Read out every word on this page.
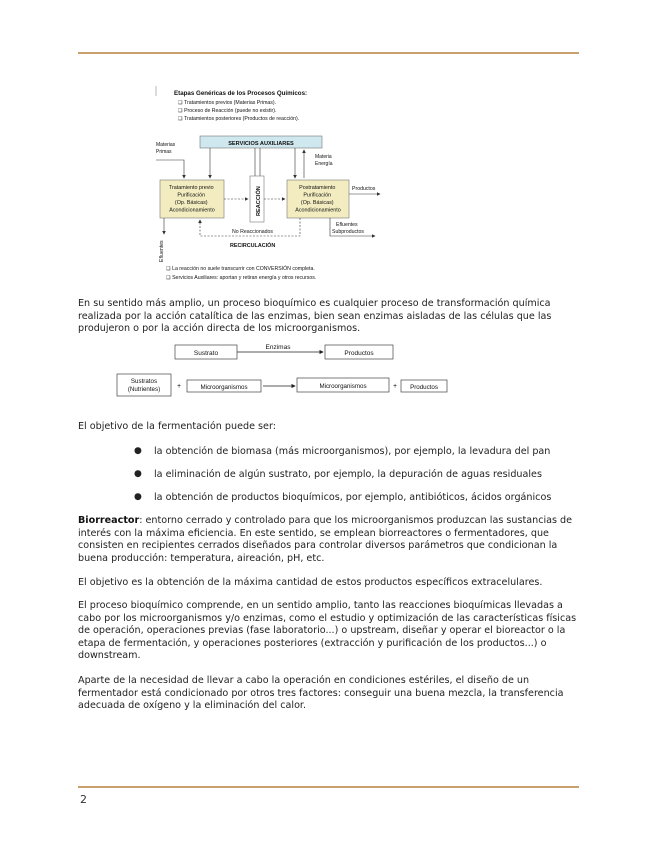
Etapas Genéricas de los Procesos Químicos:
❑ Tratamientos previos (Materias Primas).
❑ Proceso de Reacción (puede no existir).
❑ Tratamientos posteriores (Productos de reacción).
SERVICIOS AUXILIARES
Materias Primas
Materia Energía
Tratamiento previo Purificación (Op. Básicas) Acondicionamiento	REACCIÓN	Postratamiento Purificación (Op. Básicas) Acondicionamiento
Productos
Efluentes
Efluentes Subproductos
No Reaccionados
RECIRCULACIÓN
❑ La reacción no suele transcurrir con CONVERSIÓN completa.
❑ Servicios Auxiliares: aportan y retiran energía y otros recursos.
En su sentido más amplio, un proceso bioquímico es cualquier proceso de transformación química realizada por la acción catalítica de las enzimas, bien sean enzimas aisladas de las células que las produjeron o por la acción directa de los microorganismos.
Sustrato
Enzimas
Productos
Sustratos (Nutrientes) +	Microorganismos	Microorganismos	+ Productos
El objetivo de la fermentación puede ser:
● la obtención de biomasa (más microorganismos), por ejemplo, la levadura del pan
● la eliminación de algún sustrato, por ejemplo, la depuración de aguas residuales
● la obtención de productos bioquímicos, por ejemplo, antibióticos, ácidos orgánicos
Biorreactor: entorno cerrado y controlado para que los microorganismos produzcan las sustancias de interés con la máxima eficiencia. En este sentido, se emplean biorreactores o fermentadores, que consisten en recipientes cerrados diseñados para controlar diversos parámetros que condicionan la buena producción: temperatura, aireación, pH, etc.
El objetivo es la obtención de la máxima cantidad de estos productos específicos extracelulares.
El proceso bioquímico comprende, en un sentido amplio, tanto las reacciones bioquímicas llevadas a cabo por los microorganismos y/o enzimas, como el estudio y optimización de las características físicas de operación, operaciones previas (fase laboratorio...) o upstream, diseñar y operar el bioreactor o la etapa de fermentación, y operaciones posteriores (extracción y purificación de los productos...) o downstream.
Aparte de la necesidad de llevar a cabo la operación en condiciones estériles, el diseño de un fermentador está condicionado por otros tres factores: conseguir una buena mezcla, la transferencia adecuada de oxígeno y la eliminación del calor.
2
